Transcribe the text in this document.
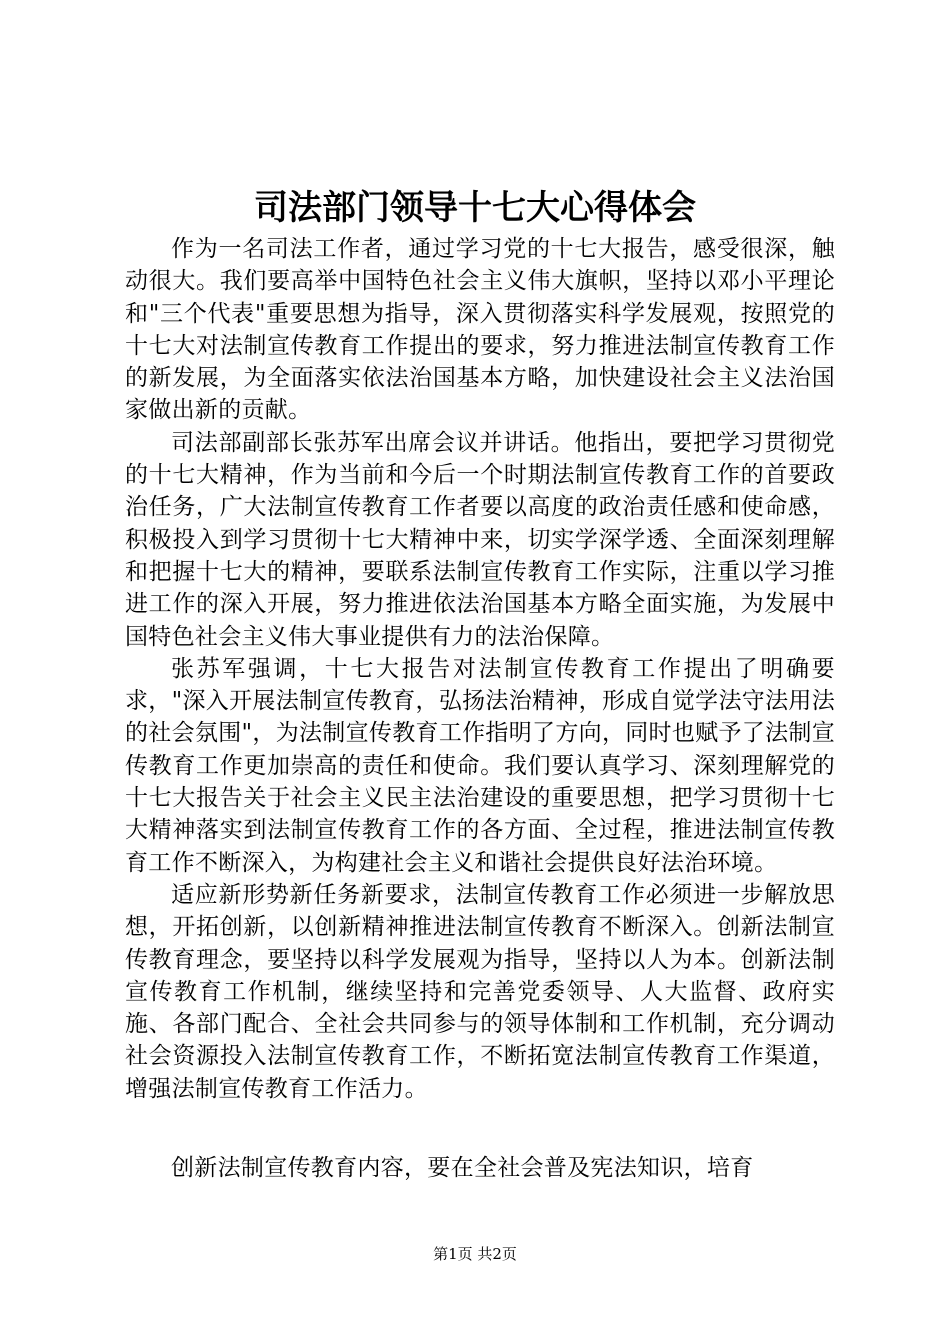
司法部门领导十七大心得体会

作为一名司法工作者，通过学习党的十七大报告，感受很深，触动很大。我们要高举中国特色社会主义伟大旗帜，坚持以邓小平理论和"三个代表"重要思想为指导，深入贯彻落实科学发展观，按照党的十七大对法制宣传教育工作提出的要求，努力推进法制宣传教育工作的新发展，为全面落实依法治国基本方略，加快建设社会主义法治国家做出新的贡献。

司法部副部长张苏军出席会议并讲话。他指出，要把学习贯彻党的十七大精神，作为当前和今后一个时期法制宣传教育工作的首要政治任务，广大法制宣传教育工作者要以高度的政治责任感和使命感，积极投入到学习贯彻十七大精神中来，切实学深学透、全面深刻理解和把握十七大的精神，要联系法制宣传教育工作实际，注重以学习推进工作的深入开展，努力推进依法治国基本方略全面实施，为发展中国特色社会主义伟大事业提供有力的法治保障。

张苏军强调，十七大报告对法制宣传教育工作提出了明确要求，"深入开展法制宣传教育，弘扬法治精神，形成自觉学法守法用法的社会氛围"，为法制宣传教育工作指明了方向，同时也赋予了法制宣传教育工作更加崇高的责任和使命。我们要认真学习、深刻理解党的十七大报告关于社会主义民主法治建设的重要思想，把学习贯彻十七大精神落实到法制宣传教育工作的各方面、全过程，推进法制宣传教育工作不断深入，为构建社会主义和谐社会提供良好法治环境。

适应新形势新任务新要求，法制宣传教育工作必须进一步解放思想，开拓创新，以创新精神推进法制宣传教育不断深入。创新法制宣传教育理念，要坚持以科学发展观为指导，坚持以人为本。创新法制宣传教育工作机制，继续坚持和完善党委领导、人大监督、政府实施、各部门配合、全社会共同参与的领导体制和工作机制，充分调动社会资源投入法制宣传教育工作，不断拓宽法制宣传教育工作渠道，增强法制宣传教育工作活力。

创新法制宣传教育内容，要在全社会普及宪法知识，培育

第1页 共2页
